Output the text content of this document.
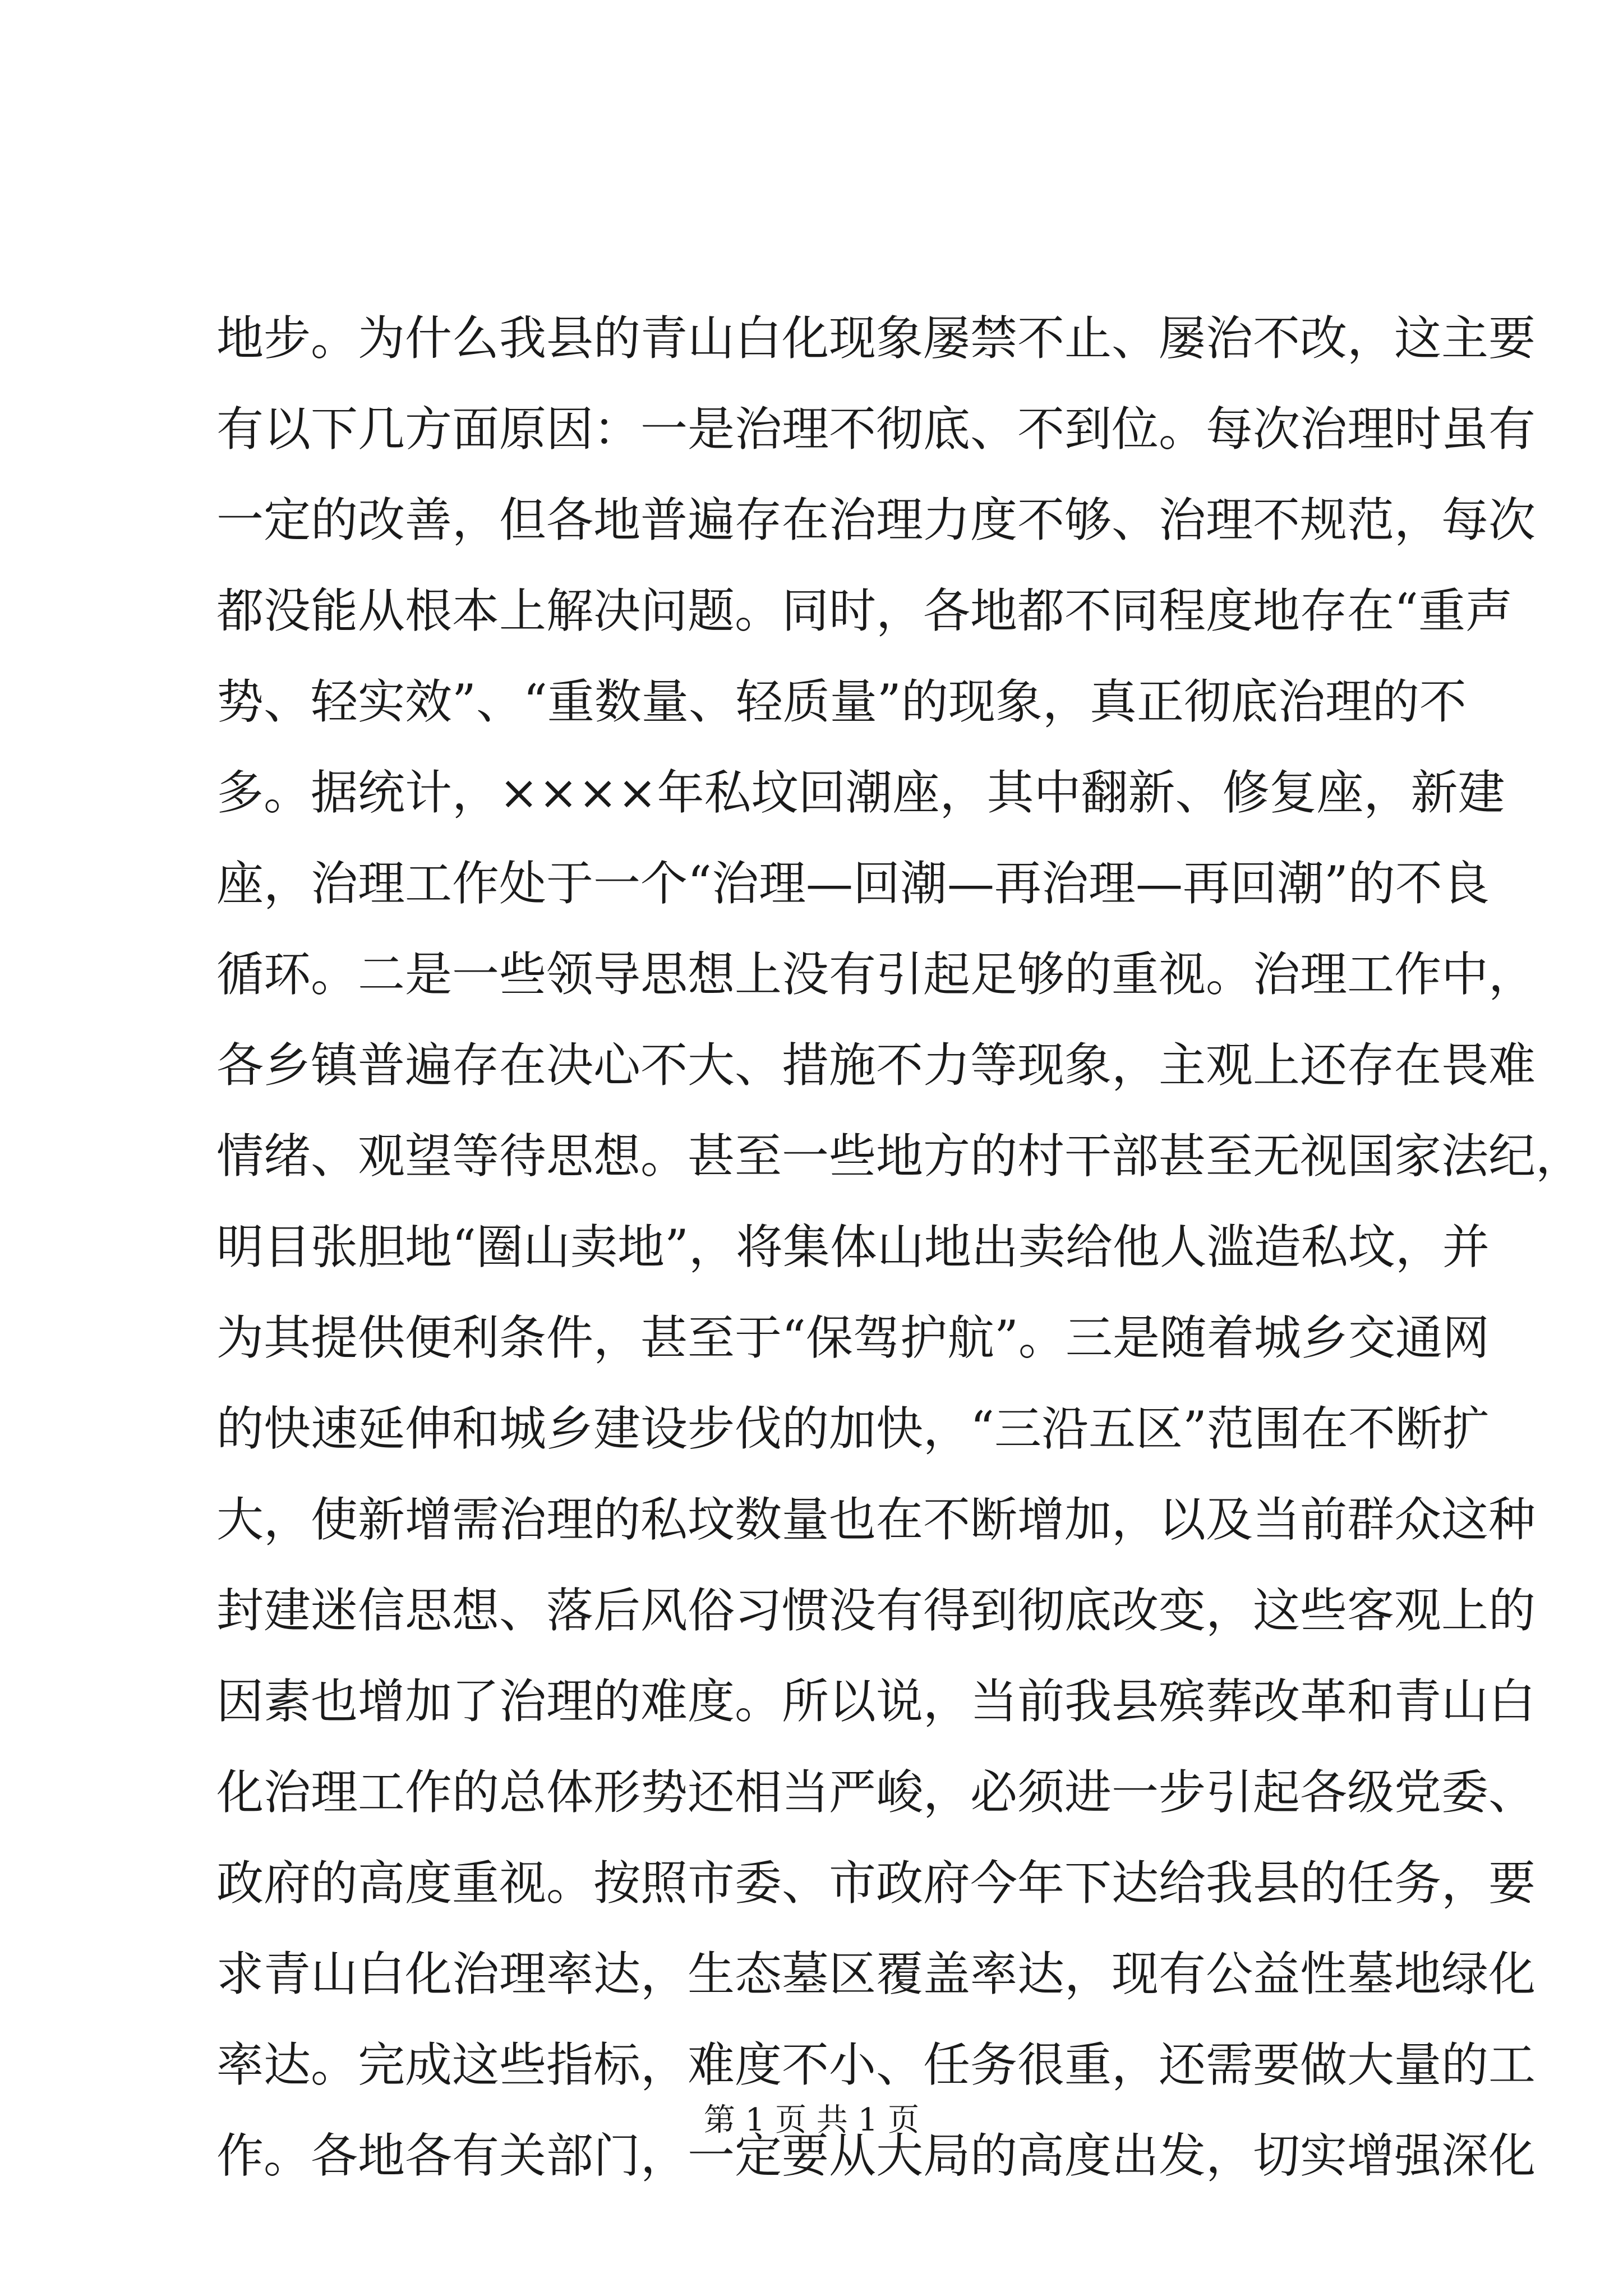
地步。为什么我县的青山白化现象屡禁不止、屡治不改，这主要
有以下几方面原因：一是治理不彻底、不到位。每次治理时虽有
一定的改善，但各地普遍存在治理力度不够、治理不规范，每次
都没能从根本上解决问题。同时，各地都不同程度地存在“重声
势、轻实效”、“重数量、轻质量”的现象，真正彻底治理的不
多。据统计，××××年私坟回潮座，其中翻新、修复座，新建
座，治理工作处于一个“治理—回潮—再治理—再回潮”的不良
循环。二是一些领导思想上没有引起足够的重视。治理工作中，
各乡镇普遍存在决心不大、措施不力等现象，主观上还存在畏难
情绪、观望等待思想。甚至一些地方的村干部甚至无视国家法纪，
明目张胆地“圈山卖地”，将集体山地出卖给他人滥造私坟，并
为其提供便利条件，甚至于“保驾护航”。三是随着城乡交通网
的快速延伸和城乡建设步伐的加快，“三沿五区”范围在不断扩
大，使新增需治理的私坟数量也在不断增加，以及当前群众这种
封建迷信思想、落后风俗习惯没有得到彻底改变，这些客观上的
因素也增加了治理的难度。所以说，当前我县殡葬改革和青山白
化治理工作的总体形势还相当严峻，必须进一步引起各级党委、
政府的高度重视。按照市委、市政府今年下达给我县的任务，要
求青山白化治理率达，生态墓区覆盖率达，现有公益性墓地绿化
率达。完成这些指标，难度不小、任务很重，还需要做大量的工
作。各地各有关部门，一定要从大局的高度出发，切实增强深化
第 1 页 共 1 页
